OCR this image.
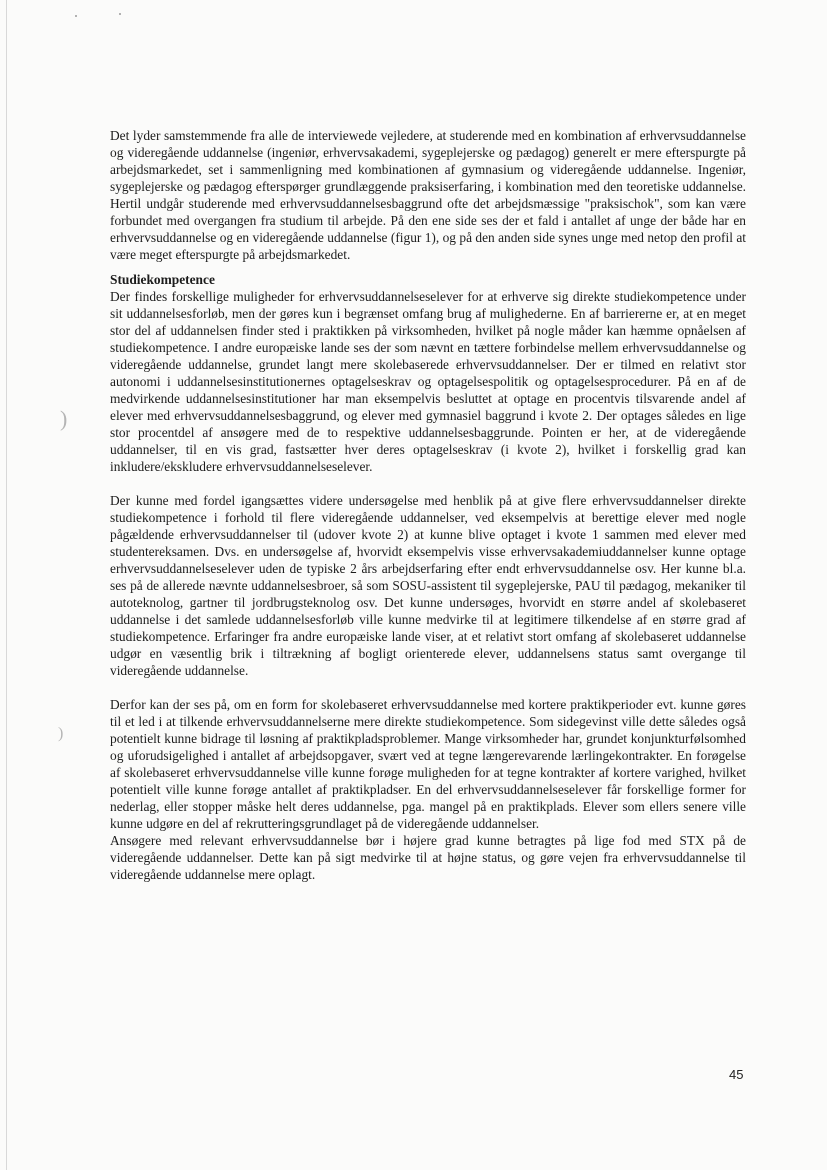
)
)

Det lyder samstemmende fra alle de interviewede vejledere, at studerende med en kombination af erhvervsuddannelse og videregående uddannelse (ingeniør, erhvervsakademi, sygeplejerske og pædagog) generelt er mere efterspurgte på arbejdsmarkedet, set i sammenligning med kombinationen af gymnasium og videregående uddannelse. Ingeniør, sygeplejerske og pædagog efterspørger grundlæggende praksiserfaring, i kombination med den teoretiske uddannelse. Hertil undgår studerende med erhvervsuddannelsesbaggrund ofte det arbejdsmæssige "praksischok", som kan være forbundet med overgangen fra studium til arbejde. På den ene side ses der et fald i antallet af unge der både har en erhvervsuddannelse og en videregående uddannelse (figur 1), og på den anden side synes unge med netop den profil at være meget efterspurgte på arbejdsmarkedet.

Studiekompetence

Der findes forskellige muligheder for erhvervsuddannelseselever for at erhverve sig direkte studiekompetence under sit uddannelsesforløb, men der gøres kun i begrænset omfang brug af mulighederne. En af barriererne er, at en meget stor del af uddannelsen finder sted i praktikken på virksomheden, hvilket på nogle måder kan hæmme opnåelsen af studiekompetence. I andre europæiske lande ses der som nævnt en tættere forbindelse mellem erhvervsuddannelse og videregående uddannelse, grundet langt mere skolebaserede erhvervsuddannelser. Der er tilmed en relativt stor autonomi i uddannelsesinstitutionernes optagelseskrav og optagelsespolitik og optagelsesprocedurer. På en af de medvirkende uddannelsesinstitutioner har man eksempelvis besluttet at optage en procentvis tilsvarende andel af elever med erhvervsuddannelsesbaggrund, og elever med gymnasiel baggrund i kvote 2. Der optages således en lige stor procentdel af ansøgere med de to respektive uddannelsesbaggrunde. Pointen er her, at de videregående uddannelser, til en vis grad, fastsætter hver deres optagelseskrav (i kvote 2), hvilket i forskellig grad kan inkludere/ekskludere erhvervsuddannelseselever.

Der kunne med fordel igangsættes videre undersøgelse med henblik på at give flere erhvervsuddannelser direkte studiekompetence i forhold til flere videregående uddannelser, ved eksempelvis at berettige elever med nogle pågældende erhvervsuddannelser til (udover kvote 2) at kunne blive optaget i kvote 1 sammen med elever med studentereksamen. Dvs. en undersøgelse af, hvorvidt eksempelvis visse erhvervsakademiuddannelser kunne optage erhvervsuddannelseselever uden de typiske 2 års arbejdserfaring efter endt erhvervsuddannelse osv. Her kunne bl.a. ses på de allerede nævnte uddannelsesbroer, så som SOSU-assistent til sygeplejerske, PAU til pædagog, mekaniker til autoteknolog, gartner til jordbrugsteknolog osv. Det kunne undersøges, hvorvidt en større andel af skolebaseret uddannelse i det samlede uddannelsesforløb ville kunne medvirke til at legitimere tilkendelse af en større grad af studiekompetence. Erfaringer fra andre europæiske lande viser, at et relativt stort omfang af skolebaseret uddannelse udgør en væsentlig brik i tiltrækning af bogligt orienterede elever, uddannelsens status samt overgange til videregående uddannelse.

Derfor kan der ses på, om en form for skolebaseret erhvervsuddannelse med kortere praktikperioder evt. kunne gøres til et led i at tilkende erhvervsuddannelserne mere direkte studiekompetence. Som sidegevinst ville dette således også potentielt kunne bidrage til løsning af praktikpladsproblemer. Mange virksomheder har, grundet konjunkturfølsomhed og uforudsigelighed i antallet af arbejdsopgaver, svært ved at tegne længerevarende lærlingekontrakter. En forøgelse af skolebaseret erhvervsuddannelse ville kunne forøge muligheden for at tegne kontrakter af kortere varighed, hvilket potentielt ville kunne forøge antallet af praktikpladser. En del erhvervsuddannelseselever får forskellige former for nederlag, eller stopper måske helt deres uddannelse, pga. mangel på en praktikplads. Elever som ellers senere ville kunne udgøre en del af rekrutteringsgrundlaget på de videregående uddannelser.

Ansøgere med relevant erhvervsuddannelse bør i højere grad kunne betragtes på lige fod med STX på de videregående uddannelser. Dette kan på sigt medvirke til at højne status, og gøre vejen fra erhvervsuddannelse til videregående uddannelse mere oplagt.

45
